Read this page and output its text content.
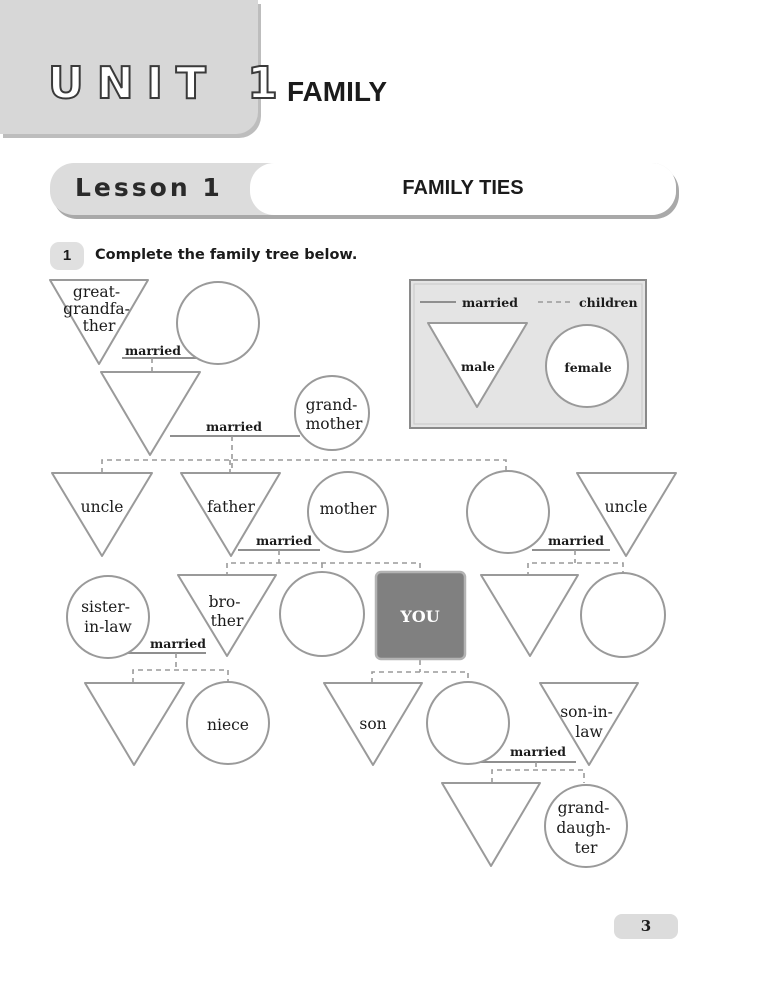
UNIT 1
FAMILY
Lesson 1	FAMILY TIES
1	Complete the family tree below.
YOU
great- grandfa- ther
grand- mother
uncle	father	mother	uncle
sister- in-law
bro- ther
niece	son
son-in- law
grand- daugh- ter
married
married
married	married
married
married
married	children
male	female
3
